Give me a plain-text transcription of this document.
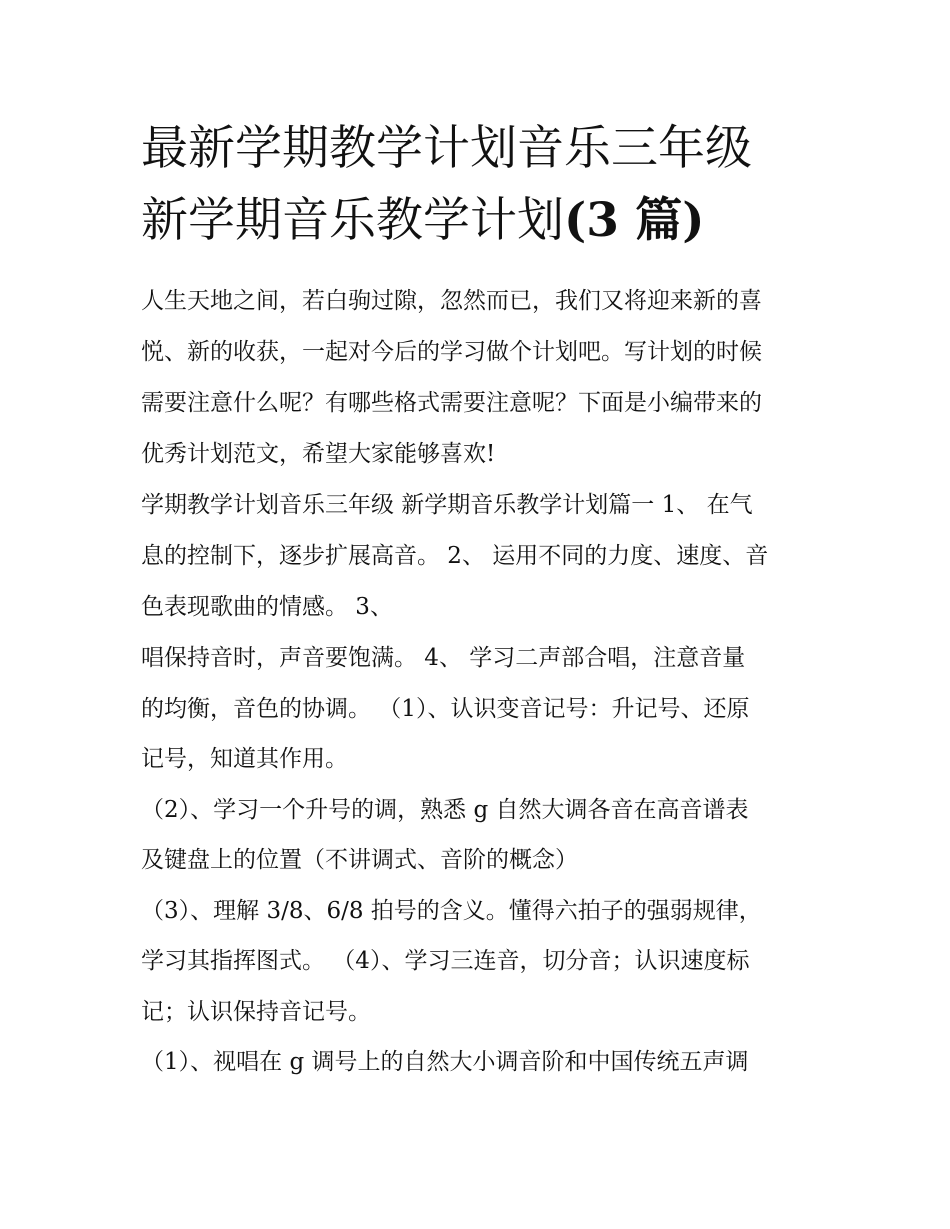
最新学期教学计划音乐三年级
新学期音乐教学计划(3 篇)
人生天地之间，若白驹过隙，忽然而已，我们又将迎来新的喜
悦、新的收获，一起对今后的学习做个计划吧。写计划的时候
需要注意什么呢？有哪些格式需要注意呢？下面是小编带来的
优秀计划范文，希望大家能够喜欢!
学期教学计划音乐三年级 新学期音乐教学计划篇一 1、 在气
息的控制下，逐步扩展高音。 2、 运用不同的力度、速度、音
色表现歌曲的情感。 3、
唱保持音时，声音要饱满。 4、 学习二声部合唱，注意音量
的均衡，音色的协调。 （1）、认识变音记号：升记号、还原
记号，知道其作用。
（2）、学习一个升号的调，熟悉 g 自然大调各音在高音谱表
及键盘上的位置（不讲调式、音阶的概念）
（3）、理解 3/8、6/8 拍号的含义。懂得六拍子的强弱规律，
学习其指挥图式。 （4）、学习三连音，切分音；认识速度标
记；认识保持音记号。
（1）、视唱在 g 调号上的自然大小调音阶和中国传统五声调
